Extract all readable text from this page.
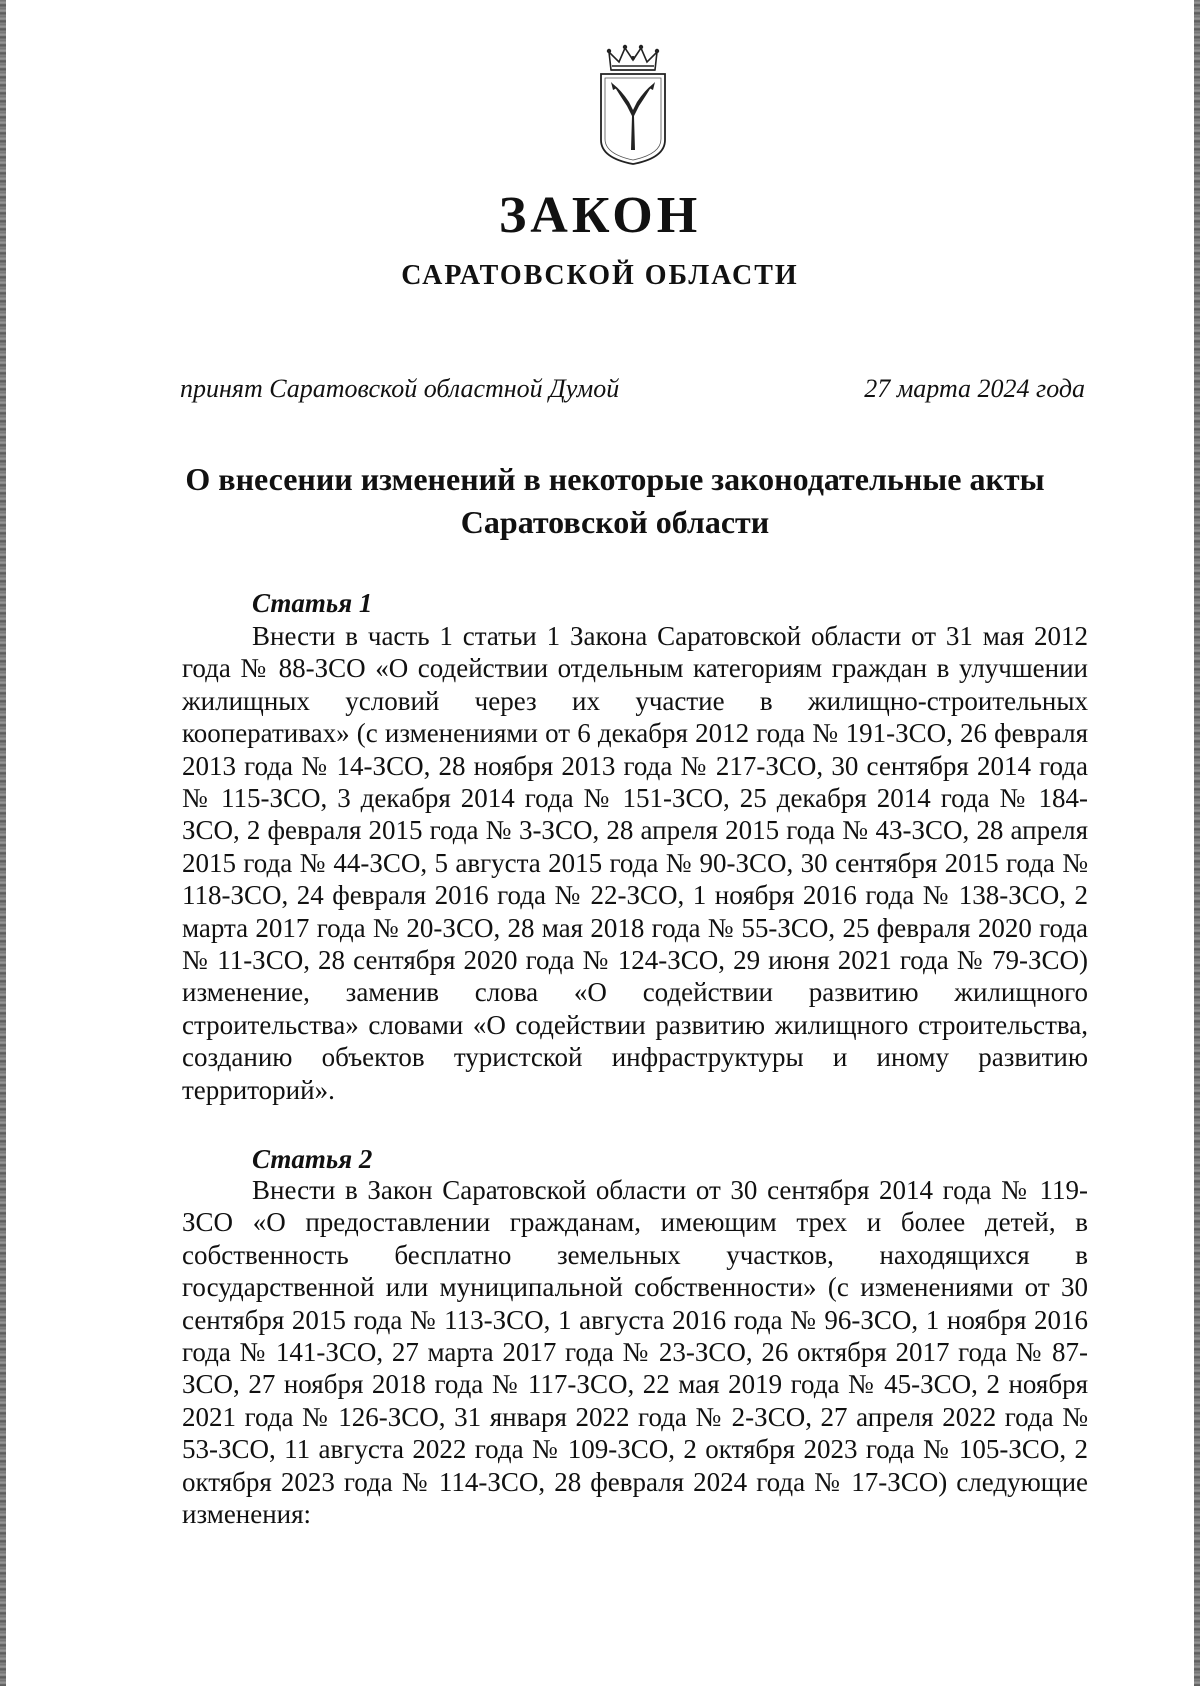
ЗАКОН
САРАТОВСКОЙ ОБЛАСТИ
принят Саратовской областной Думой	27 марта 2024 года
О внесении изменений в некоторые законодательные акты Саратовской области
Статья 1

Внести в часть 1 статьи 1 Закона Саратовской области от 31 мая 2012 года № 88-ЗСО «О содействии отдельным категориям граждан в улучшении жилищных условий через их участие в жилищно-строительных кооперативах» (с изменениями от 6 декабря 2012 года № 191-ЗСО, 26 февраля 2013 года № 14-ЗСО, 28 ноября 2013 года № 217-ЗСО, 30 сентября 2014 года № 115-ЗСО, 3 декабря 2014 года № 151-ЗСО, 25 декабря 2014 года № 184-ЗСО, 2 февраля 2015 года № 3-ЗСО, 28 апреля 2015 года № 43-ЗСО, 28 апреля 2015 года № 44-ЗСО, 5 августа 2015 года № 90-ЗСО, 30 сентября 2015 года № 118-ЗСО, 24 февраля 2016 года № 22-ЗСО, 1 ноября 2016 года № 138-ЗСО, 2 марта 2017 года № 20-ЗСО, 28 мая 2018 года № 55-ЗСО, 25 февраля 2020 года № 11-ЗСО, 28 сентября 2020 года № 124-ЗСО, 29 июня 2021 года № 79-ЗСО) изменение, заменив слова «О содействии развитию жилищного строительства» словами «О содействии развитию жилищного строительства, созданию объектов туристской инфраструктуры и иному развитию территорий».

Статья 2

Внести в Закон Саратовской области от 30 сентября 2014 года № 119-ЗСО «О предоставлении гражданам, имеющим трех и более детей, в собственность бесплатно земельных участков, находящихся в государственной или муниципальной собственности» (с изменениями от 30 сентября 2015 года № 113-ЗСО, 1 августа 2016 года № 96-ЗСО, 1 ноября 2016 года № 141-ЗСО, 27 марта 2017 года № 23-ЗСО, 26 октября 2017 года № 87-ЗСО, 27 ноября 2018 года № 117-ЗСО, 22 мая 2019 года № 45-ЗСО, 2 ноября 2021 года № 126-ЗСО, 31 января 2022 года № 2-ЗСО, 27 апреля 2022 года № 53-ЗСО, 11 августа 2022 года № 109-ЗСО, 2 октября 2023 года № 105-ЗСО, 2 октября 2023 года № 114-ЗСО, 28 февраля 2024 года № 17-ЗСО) следующие изменения:
